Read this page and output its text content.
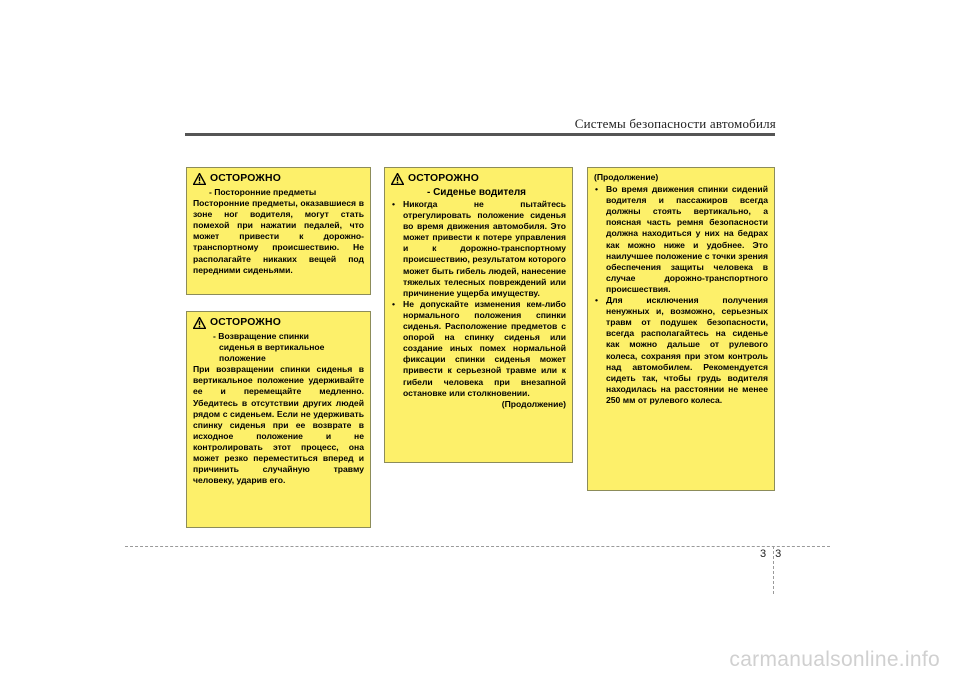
Системы безопасности автомобиля
ОСТОРОЖНО
- Посторонние предметы
Посторонние предметы, оказавшиеся в зоне ног водителя, могут стать помехой при нажатии педалей, что может привести к дорожно-транспортному происшествию. Не располагайте никаких вещей под передними сиденьями.
ОСТОРОЖНО
- Возвращение спинки сиденья в вертикальное положение
При возвращении спинки сиденья в вертикальное положение удерживайте ее и перемещайте медленно. Убедитесь в отсутствии других людей рядом с сиденьем. Если не удерживать спинку сиденья при ее возврате в исходное положение и не контролировать этот процесс, она может резко переместиться вперед и причинить случайную травму человеку, ударив его.
ОСТОРОЖНО
- Сиденье водителя
• Никогда не пытайтесь отрегулировать положение сиденья во время движения автомобиля. Это может привести к потере управления и к дорожно-транспортному происшествию, результатом которого может быть гибель людей, нанесение тяжелых телесных повреждений или причинение ущерба имуществу.
• Не допускайте изменения кем-либо нормального положения спинки сиденья. Расположение предметов с опорой на спинку сиденья или создание иных помех нормальной фиксации спинки сиденья может привести к серьезной травме или к гибели человека при внезапной остановке или столкновении.
(Продолжение)
(Продолжение)
• Во время движения спинки сидений водителя и пассажиров всегда должны стоять вертикально, а поясная часть ремня безопасности должна находиться у них на бедрах как можно ниже и удобнее. Это наилучшее положение с точки зрения обеспечения защиты человека в случае дорожно-транспортного происшествия.
• Для исключения получения ненужных и, возможно, серьезных травм от подушек безопасности, всегда располагайтесь на сиденье как можно дальше от рулевого колеса, сохраняя при этом контроль над автомобилем. Рекомендуется сидеть так, чтобы грудь водителя находилась на расстоянии не менее 250 мм от рулевого колеса.
3 3
carmanualsonline.info
